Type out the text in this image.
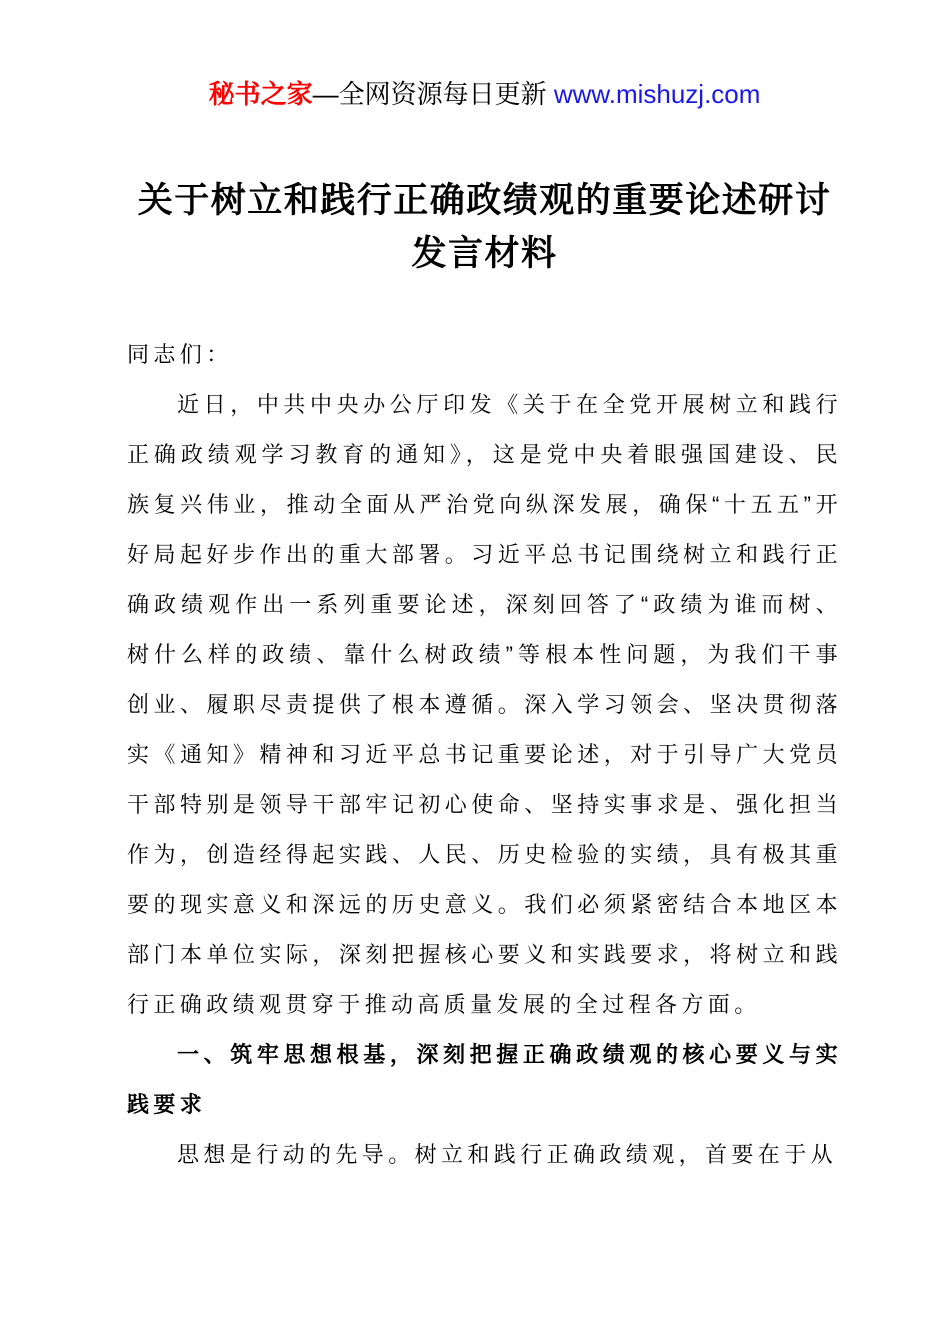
秘书之家—全网资源每日更新 www.mishuzj.com
关于树立和践行正确政绩观的重要论述研讨发言材料

同志们：

近日，中共中央办公厅印发《关于在全党开展树立和践行正确政绩观学习教育的通知》，这是党中央着眼强国建设、民族复兴伟业，推动全面从严治党向纵深发展，确保“十五五”开好局起好步作出的重大部署。习近平总书记围绕树立和践行正确政绩观作出一系列重要论述，深刻回答了“政绩为谁而树、树什么样的政绩、靠什么树政绩”等根本性问题，为我们干事创业、履职尽责提供了根本遵循。深入学习领会、坚决贯彻落实《通知》精神和习近平总书记重要论述，对于引导广大党员干部特别是领导干部牢记初心使命、坚持实事求是、强化担当作为，创造经得起实践、人民、历史检验的实绩，具有极其重要的现实意义和深远的历史意义。我们必须紧密结合本地区本部门本单位实际，深刻把握核心要义和实践要求，将树立和践行正确政绩观贯穿于推动高质量发展的全过程各方面。

一、筑牢思想根基，深刻把握正确政绩观的核心要义与实践要求

思想是行动的先导。树立和践行正确政绩观，首要在于从
